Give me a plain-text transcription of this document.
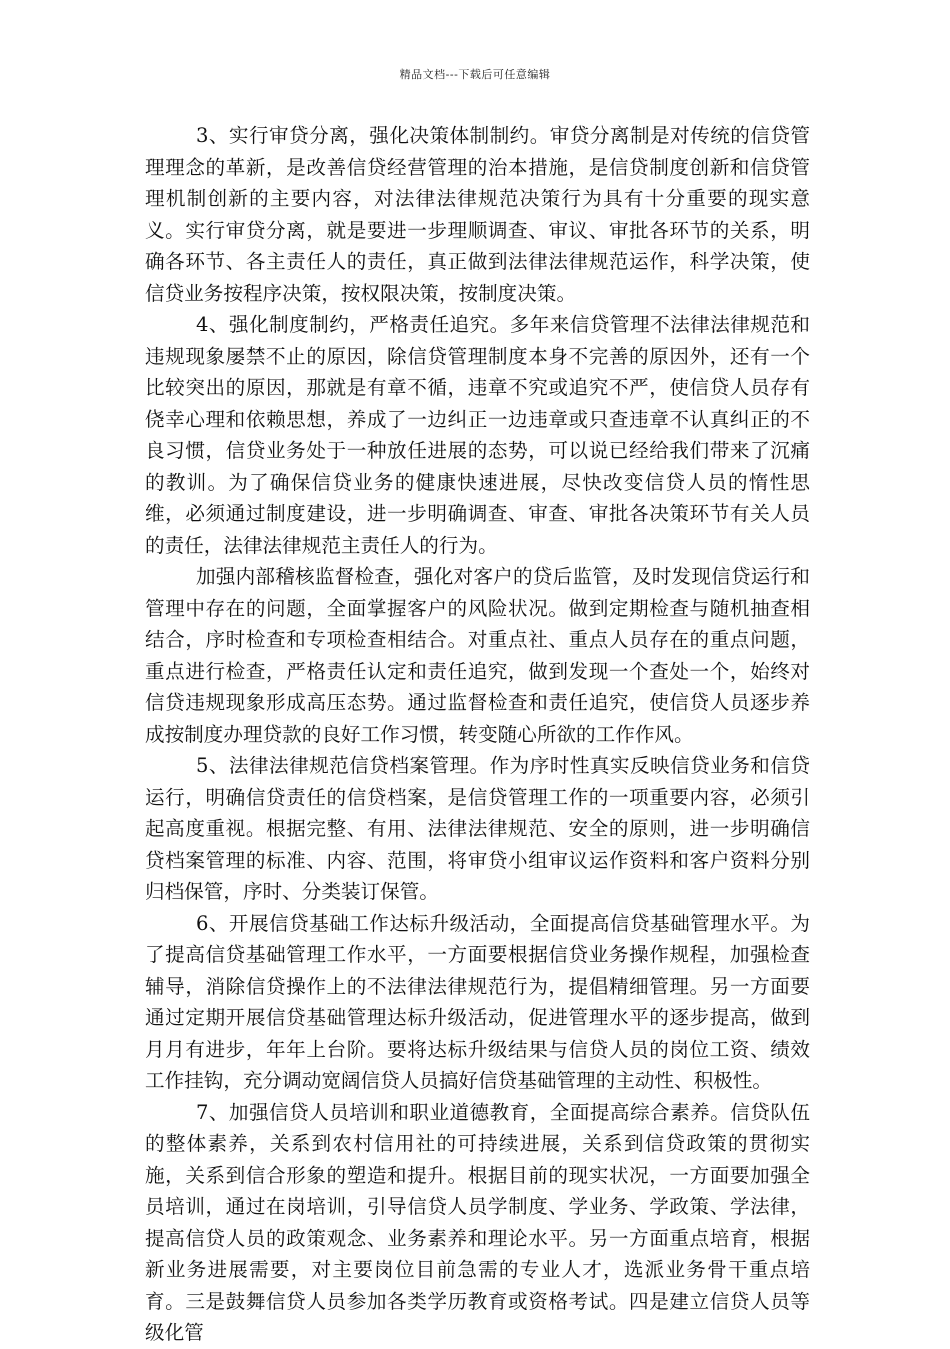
精品文档---下载后可任意编辑

3、实行审贷分离，强化决策体制制约。审贷分离制是对传统的信贷管理理念的革新，是改善信贷经营管理的治本措施，是信贷制度创新和信贷管理机制创新的主要内容，对法律法律规范决策行为具有十分重要的现实意义。实行审贷分离，就是要进一步理顺调查、审议、审批各环节的关系，明确各环节、各主责任人的责任，真正做到法律法律规范运作，科学决策，使信贷业务按程序决策，按权限决策，按制度决策。

4、强化制度制约，严格责任追究。多年来信贷管理不法律法律规范和违规现象屡禁不止的原因，除信贷管理制度本身不完善的原因外，还有一个比较突出的原因，那就是有章不循，违章不究或追究不严，使信贷人员存有侥幸心理和依赖思想，养成了一边纠正一边违章或只查违章不认真纠正的不良习惯，信贷业务处于一种放任进展的态势，可以说已经给我们带来了沉痛的教训。为了确保信贷业务的健康快速进展，尽快改变信贷人员的惰性思维，必须通过制度建设，进一步明确调查、审查、审批各决策环节有关人员的责任，法律法律规范主责任人的行为。

加强内部稽核监督检查，强化对客户的贷后监管，及时发现信贷运行和管理中存在的问题，全面掌握客户的风险状况。做到定期检查与随机抽查相结合，序时检查和专项检查相结合。对重点社、重点人员存在的重点问题，重点进行检查，严格责任认定和责任追究，做到发现一个查处一个，始终对信贷违规现象形成高压态势。通过监督检查和责任追究，使信贷人员逐步养成按制度办理贷款的良好工作习惯，转变随心所欲的工作作风。

5、法律法律规范信贷档案管理。作为序时性真实反映信贷业务和信贷运行，明确信贷责任的信贷档案，是信贷管理工作的一项重要内容，必须引起高度重视。根据完整、有用、法律法律规范、安全的原则，进一步明确信贷档案管理的标准、内容、范围，将审贷小组审议运作资料和客户资料分别归档保管，序时、分类装订保管。

6、开展信贷基础工作达标升级活动，全面提高信贷基础管理水平。为了提高信贷基础管理工作水平，一方面要根据信贷业务操作规程，加强检查辅导，消除信贷操作上的不法律法律规范行为，提倡精细管理。另一方面要通过定期开展信贷基础管理达标升级活动，促进管理水平的逐步提高，做到月月有进步，年年上台阶。要将达标升级结果与信贷人员的岗位工资、绩效工作挂钩，充分调动宽阔信贷人员搞好信贷基础管理的主动性、积极性。

7、加强信贷人员培训和职业道德教育，全面提高综合素养。信贷队伍的整体素养，关系到农村信用社的可持续进展，关系到信贷政策的贯彻实施，关系到信合形象的塑造和提升。根据目前的现实状况，一方面要加强全员培训，通过在岗培训，引导信贷人员学制度、学业务、学政策、学法律，提高信贷人员的政策观念、业务素养和理论水平。另一方面重点培育，根据新业务进展需要，对主要岗位目前急需的专业人才，选派业务骨干重点培育。三是鼓舞信贷人员参加各类学历教育或资格考试。四是建立信贷人员等级化管
